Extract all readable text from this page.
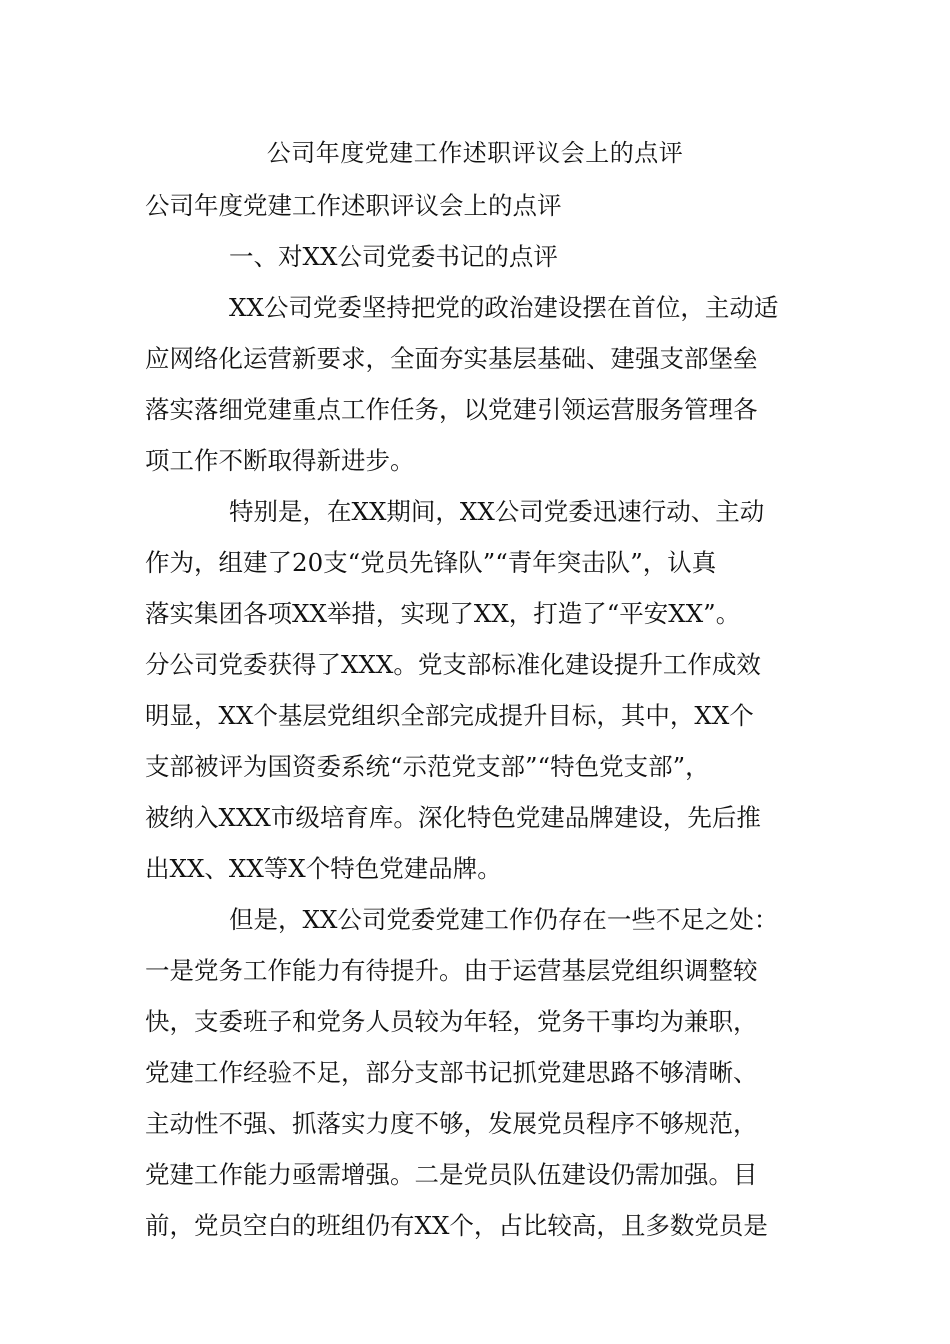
公司年度党建工作述职评议会上的点评
公司年度党建工作述职评议会上的点评
一、对XX公司党委书记的点评
XX公司党委坚持把党的政治建设摆在首位，主动适
应网络化运营新要求，全面夯实基层基础、建强支部堡垒
落实落细党建重点工作任务，以党建引领运营服务管理各
项工作不断取得新进步。
特别是，在XX期间，XX公司党委迅速行动、主动
作为，组建了20支“党员先锋队”“青年突击队”，认真
落实集团各项XX举措，实现了XX，打造了“平安XX”。
分公司党委获得了XXX。党支部标准化建设提升工作成效
明显，XX个基层党组织全部完成提升目标，其中，XX个
支部被评为国资委系统“示范党支部”“特色党支部”，
被纳入XXX市级培育库。深化特色党建品牌建设，先后推
出XX、XX等X个特色党建品牌。
但是，XX公司党委党建工作仍存在一些不足之处：
一是党务工作能力有待提升。由于运营基层党组织调整较
快，支委班子和党务人员较为年轻，党务干事均为兼职，
党建工作经验不足，部分支部书记抓党建思路不够清晰、
主动性不强、抓落实力度不够，发展党员程序不够规范，
党建工作能力亟需增强。二是党员队伍建设仍需加强。目
前，党员空白的班组仍有XX个，占比较高，且多数党员是
